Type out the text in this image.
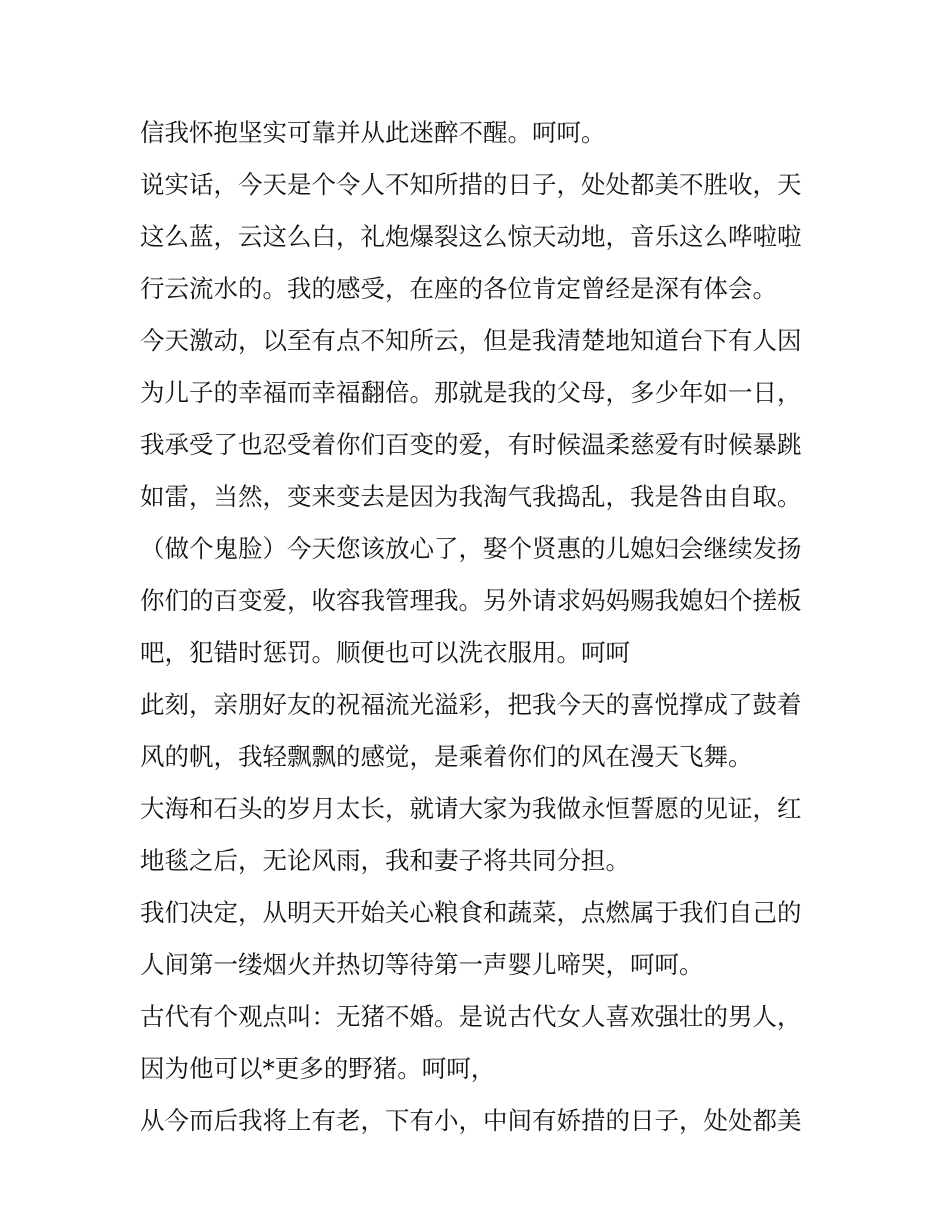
信我怀抱坚实可靠并从此迷醉不醒。呵呵。
说实话，今天是个令人不知所措的日子，处处都美不胜收，天
这么蓝，云这么白，礼炮爆裂这么惊天动地，音乐这么哗啦啦
行云流水的。我的感受，在座的各位肯定曾经是深有体会。
今天激动，以至有点不知所云，但是我清楚地知道台下有人因
为儿子的幸福而幸福翻倍。那就是我的父母，多少年如一日，
我承受了也忍受着你们百变的爱，有时候温柔慈爱有时候暴跳
如雷，当然，变来变去是因为我淘气我捣乱，我是咎由自取。
（做个鬼脸）今天您该放心了，娶个贤惠的儿媳妇会继续发扬
你们的百变爱，收容我管理我。另外请求妈妈赐我媳妇个搓板
吧，犯错时惩罚。顺便也可以洗衣服用。呵呵
此刻，亲朋好友的祝福流光溢彩，把我今天的喜悦撑成了鼓着
风的帆，我轻飘飘的感觉，是乘着你们的风在漫天飞舞。
大海和石头的岁月太长，就请大家为我做永恒誓愿的见证，红
地毯之后，无论风雨，我和妻子将共同分担。
我们决定，从明天开始关心粮食和蔬菜，点燃属于我们自己的
人间第一缕烟火并热切等待第一声婴儿啼哭，呵呵。
古代有个观点叫：无猪不婚。是说古代女人喜欢强壮的男人，
因为他可以*更多的野猪。呵呵，
从今而后我将上有老，下有小，中间有娇措的日子，处处都美
